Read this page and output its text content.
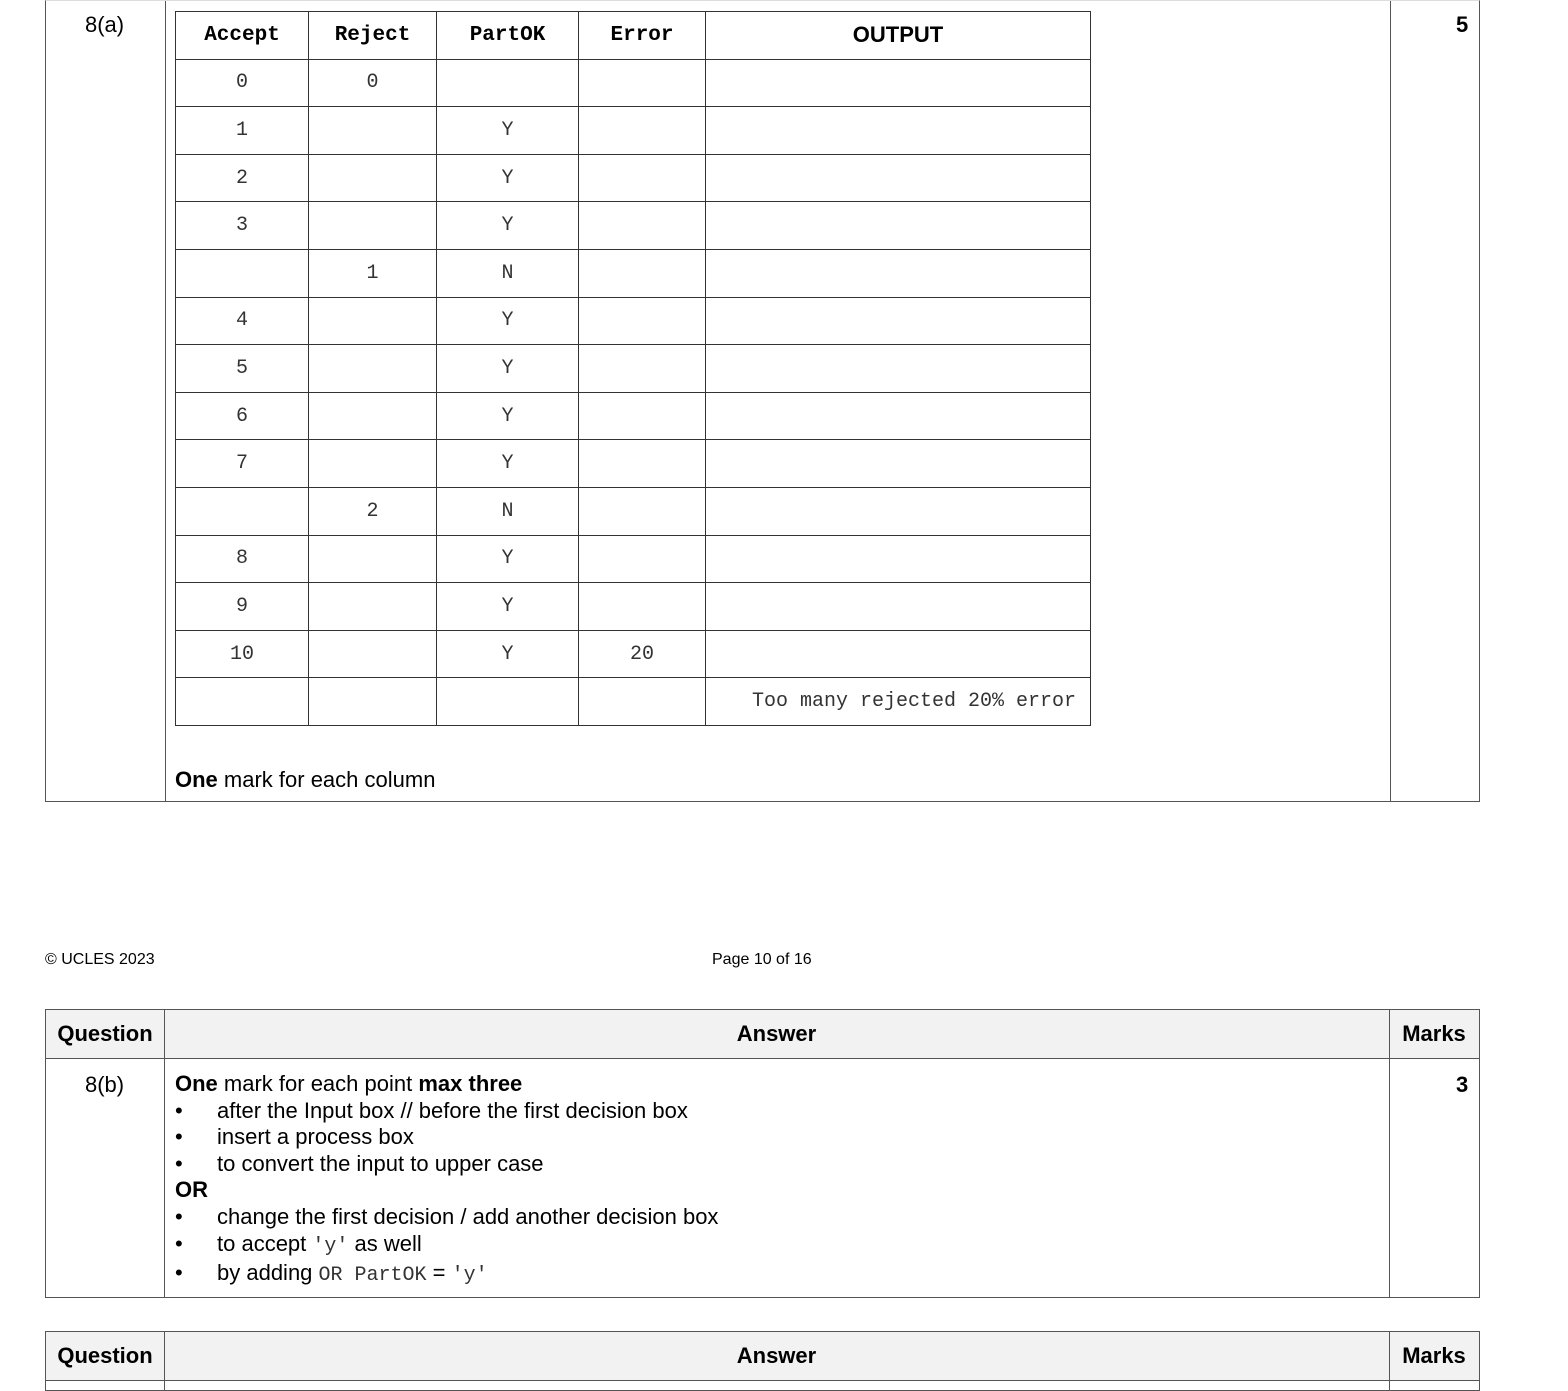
8(a)	5
Accept	Reject	PartOK	Error	OUTPUT
0	0			
1		Y		
2		Y		
3		Y		
	1	N		
4		Y		
5		Y		
6		Y		
7		Y		
	2	N		
8		Y		
9		Y		
10		Y	20	
				Too many rejected 20% error
One mark for each column
© UCLES 2023	Page 10 of 16
Question	Answer	Marks
8(b)	3
One mark for each point max three
• after the Input box // before the first decision box
• insert a process box
• to convert the input to upper case
OR
• change the first decision / add another decision box
• to accept 'y' as well
• by adding OR PartOK = 'y'
Question	Answer	Marks
